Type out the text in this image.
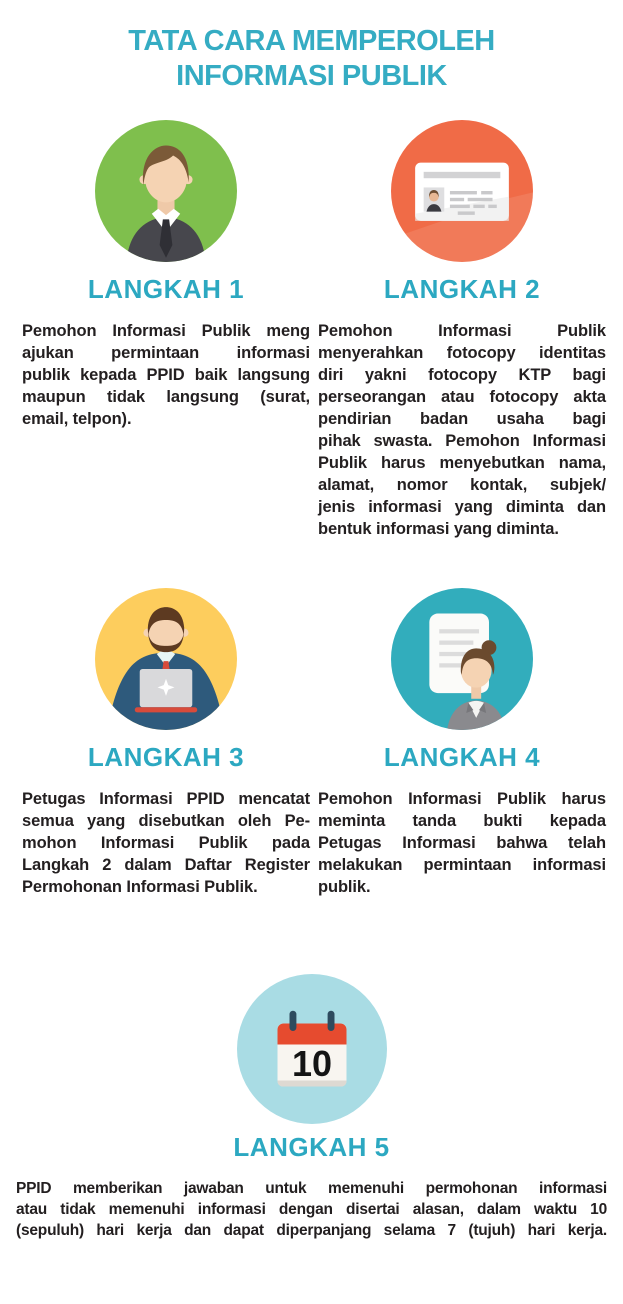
TATA CARA MEMPEROLEH
INFORMASI PUBLIK
LANGKAH 1
Pemohon Informasi Publik meng
ajukan permintaan informasi
publik kepada PPID baik langsung
maupun tidak langsung (surat,
email, telpon).
LANGKAH 2
Pemohon Informasi Publik
menyerahkan fotocopy identitas
diri yakni fotocopy KTP bagi
perseorangan atau fotocopy akta
pendirian badan usaha bagi
pihak swasta. Pemohon Informasi
Publik harus menyebutkan nama,
alamat, nomor kontak, subjek/
jenis informasi yang diminta dan
bentuk informasi yang diminta.
LANGKAH 3
Petugas Informasi PPID mencatat
semua yang disebutkan oleh Pe-
mohon Informasi Publik pada
Langkah 2 dalam Daftar Register
Permohonan Informasi Publik.
LANGKAH 4
Pemohon Informasi Publik harus
meminta tanda bukti kepada
Petugas Informasi bahwa telah
melakukan permintaan informasi
publik.
10
LANGKAH 5
PPID memberikan jawaban untuk memenuhi permohonan informasi
atau tidak memenuhi informasi dengan disertai alasan, dalam waktu 10
(sepuluh) hari kerja dan dapat diperpanjang selama 7 (tujuh) hari kerja.
